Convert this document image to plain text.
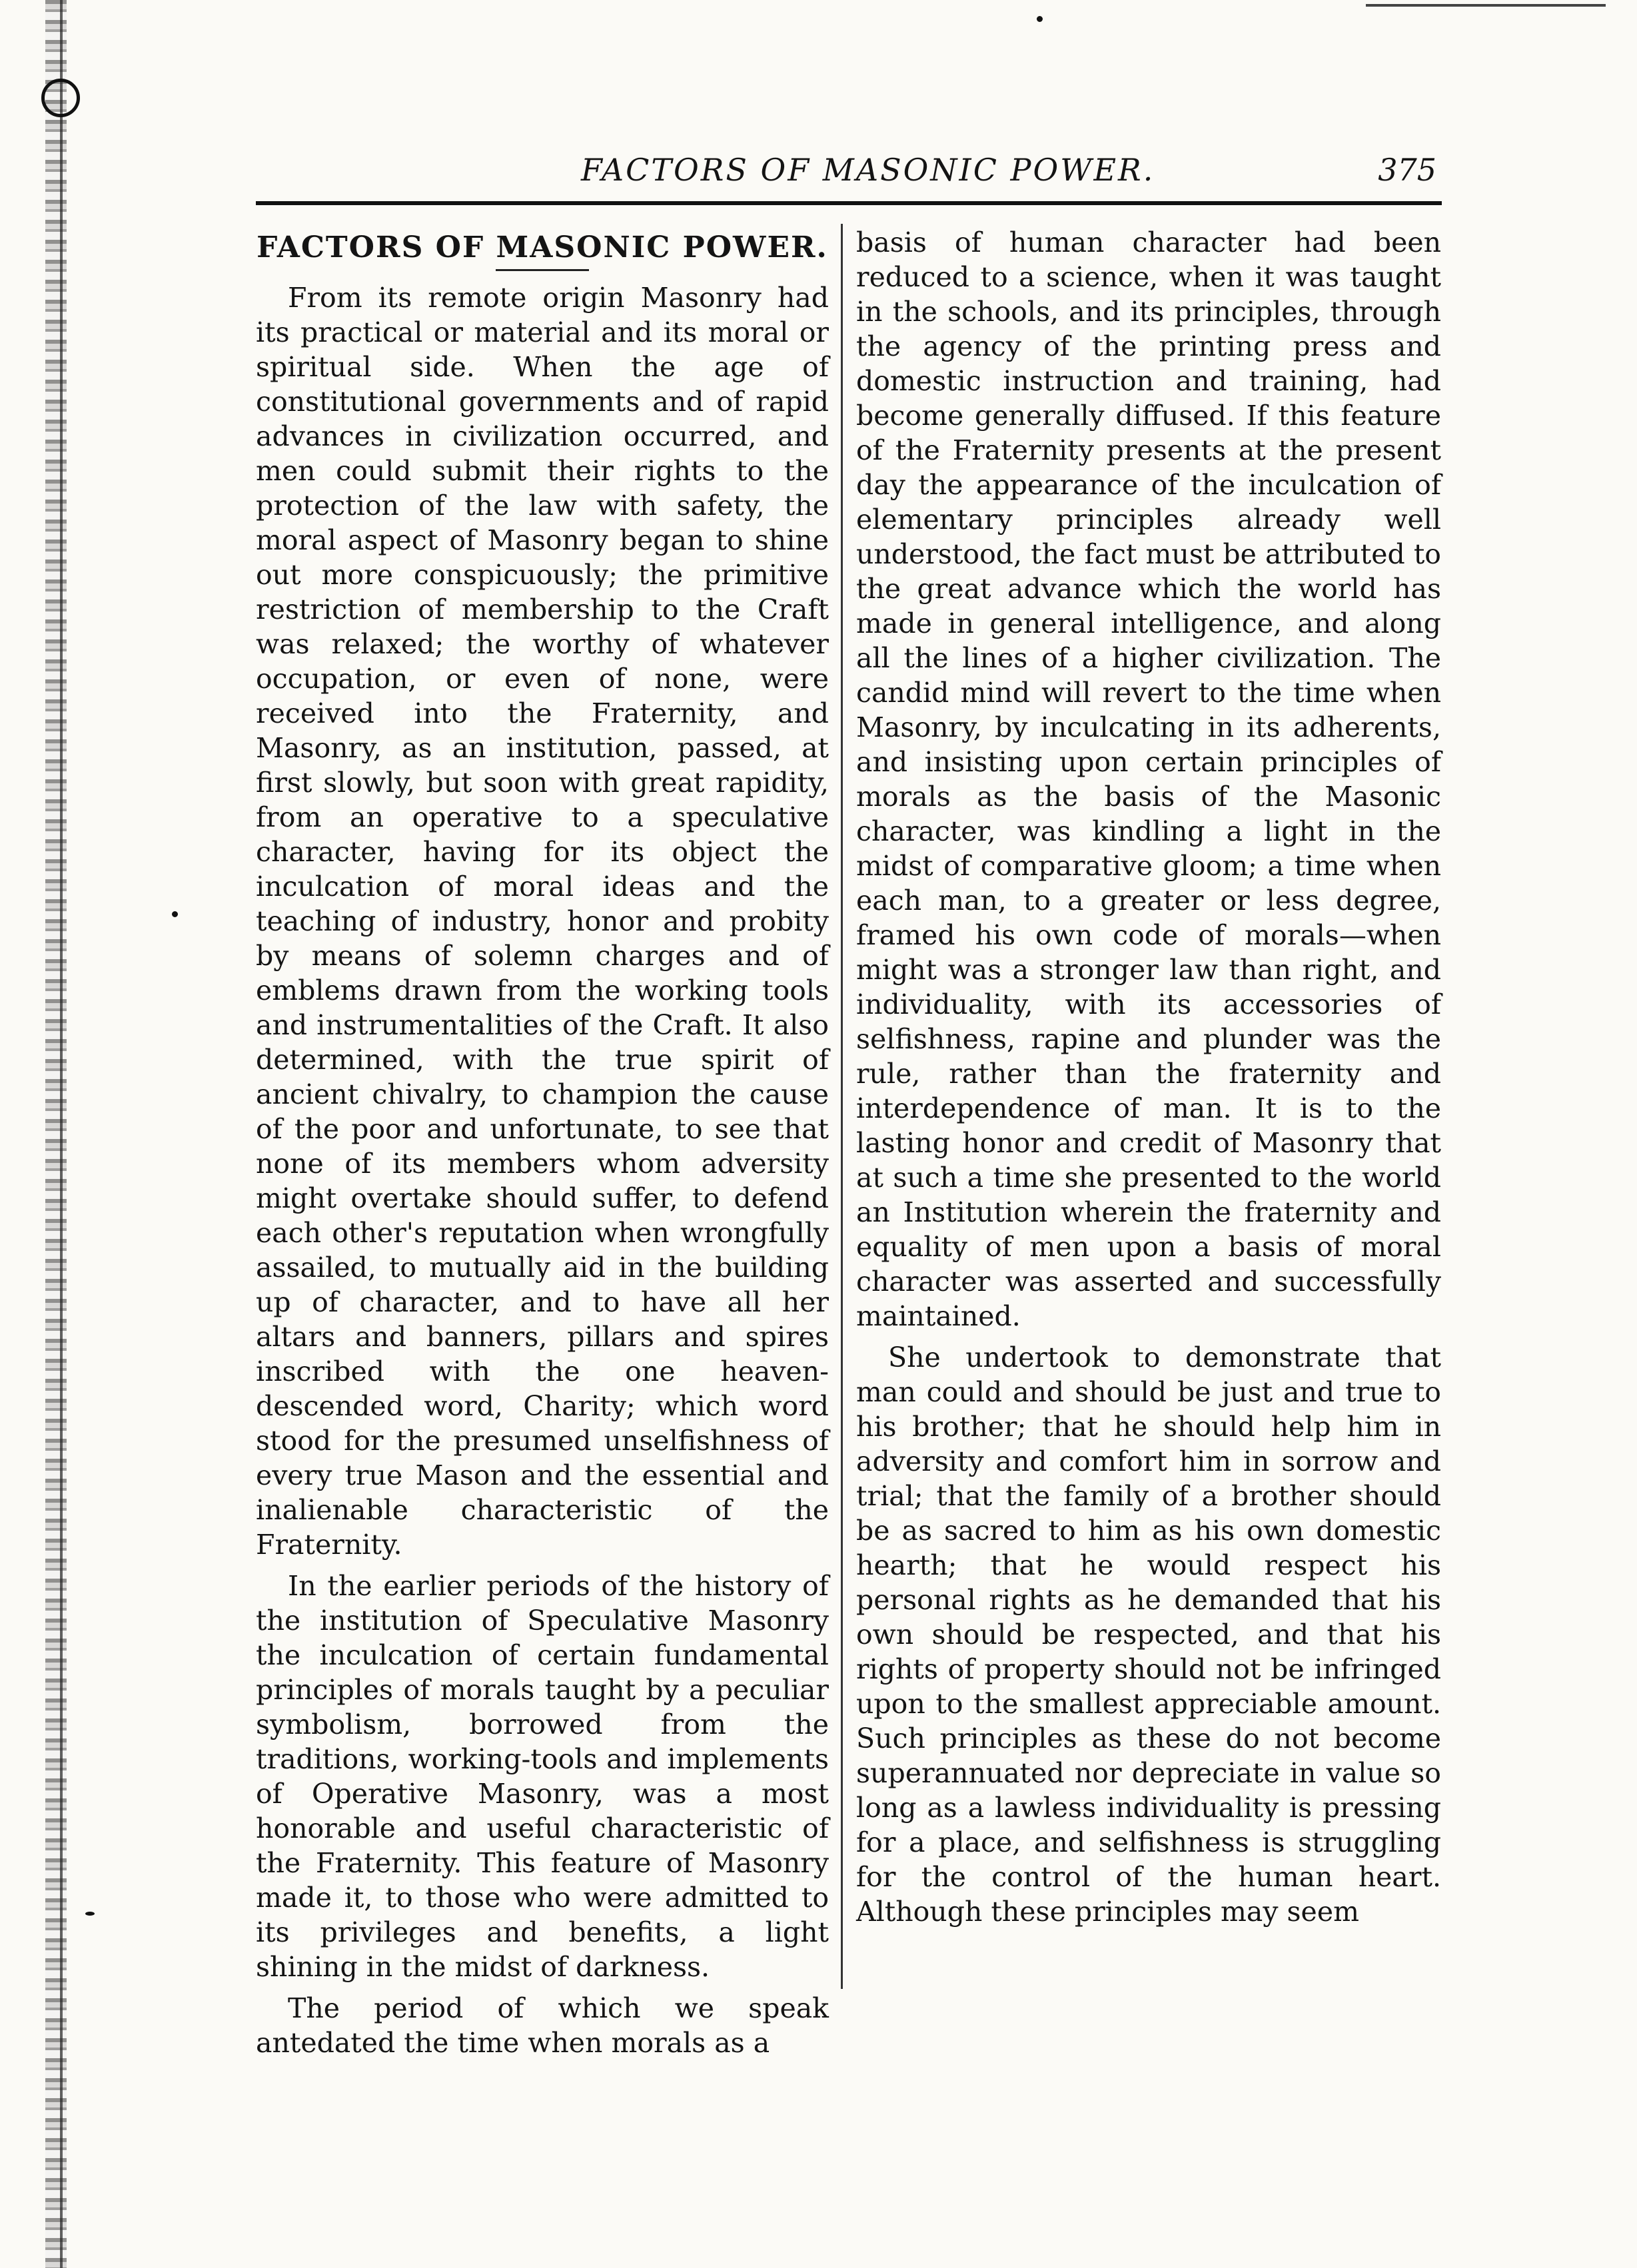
FACTORS OF MASONIC POWER.	375
FACTORS OF MASONIC POWER.

From its remote origin Masonry had its practical or material and its moral or spiritual side. When the age of constitutional governments and of rapid advances in civilization occurred, and men could submit their rights to the protection of the law with safety, the moral aspect of Masonry began to shine out more conspicuously; the primitive restriction of membership to the Craft was relaxed; the worthy of whatever occupation, or even of none, were received into the Fraternity, and Masonry, as an institution, passed, at first slowly, but soon with great rapidity, from an operative to a speculative character, having for its object the inculcation of moral ideas and the teaching of industry, honor and probity by means of solemn charges and of emblems drawn from the working tools and instrumentalities of the Craft. It also determined, with the true spirit of ancient chivalry, to champion the cause of the poor and unfortunate, to see that none of its members whom adversity might overtake should suffer, to defend each other's reputation when wrongfully assailed, to mutually aid in the building up of character, and to have all her altars and banners, pillars and spires inscribed with the one heaven-descended word, Charity; which word stood for the presumed unselfishness of every true Mason and the essential and inalienable characteristic of the Fraternity.

In the earlier periods of the history of the institution of Speculative Masonry the inculcation of certain fundamental principles of morals taught by a peculiar symbolism, borrowed from the traditions, working-tools and implements of Operative Masonry, was a most honorable and useful characteristic of the Fraternity. This feature of Masonry made it, to those who were admitted to its privileges and benefits, a light shining in the midst of darkness.

The period of which we speak antedated the time when morals as a

basis of human character had been reduced to a science, when it was taught in the schools, and its principles, through the agency of the printing press and domestic instruction and training, had become generally diffused. If this feature of the Fraternity presents at the present day the appearance of the inculcation of elementary principles already well understood, the fact must be attributed to the great advance which the world has made in general intelligence, and along all the lines of a higher civilization. The candid mind will revert to the time when Masonry, by inculcating in its adherents, and insisting upon certain principles of morals as the basis of the Masonic character, was kindling a light in the midst of comparative gloom; a time when each man, to a greater or less degree, framed his own code of morals—when might was a stronger law than right, and individuality, with its accessories of selfishness, rapine and plunder was the rule, rather than the fraternity and interdependence of man. It is to the lasting honor and credit of Masonry that at such a time she presented to the world an Institution wherein the fraternity and equality of men upon a basis of moral character was asserted and successfully maintained.

She undertook to demonstrate that man could and should be just and true to his brother; that he should help him in adversity and comfort him in sorrow and trial; that the family of a brother should be as sacred to him as his own domestic hearth; that he would respect his personal rights as he demanded that his own should be respected, and that his rights of property should not be infringed upon to the smallest appreciable amount. Such principles as these do not become superannuated nor depreciate in value so long as a lawless individuality is pressing for a place, and selfishness is struggling for the control of the human heart. Although these principles may seem
